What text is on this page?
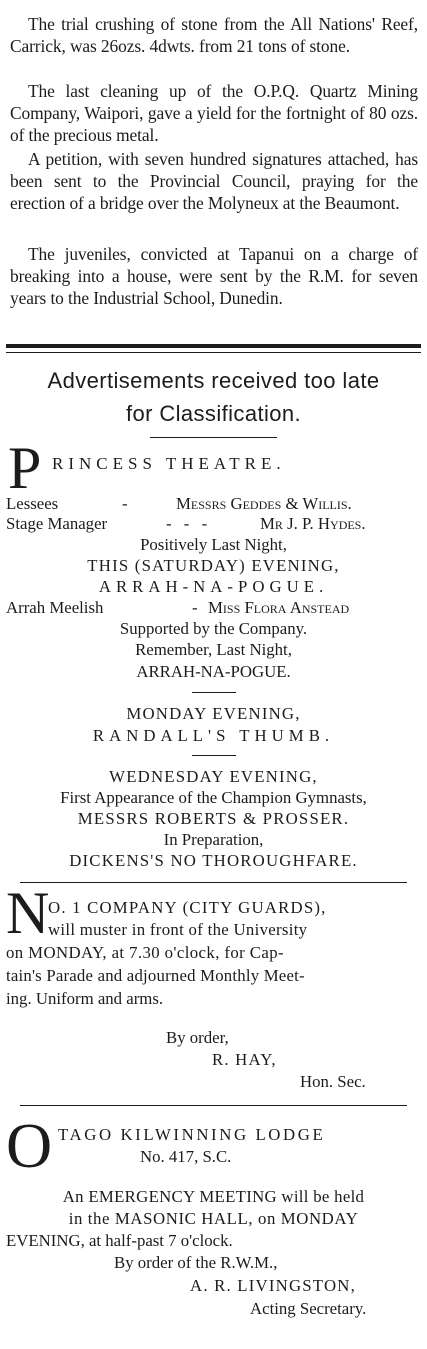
The trial crushing of stone from the All Nations' Reef, Carrick, was 26ozs. 4dwts. from 21 tons of stone.

The last cleaning up of the O.P.Q. Quartz Mining Company, Waipori, gave a yield for the fortnight of 80 ozs. of the precious metal.

A petition, with seven hundred signatures attached, has been sent to the Provincial Council, praying for the erection of a bridge over the Molyneux at the Beaumont.

The juveniles, convicted at Tapanui on a charge of breaking into a house, were sent by the R.M. for seven years to the Industrial School, Dunedin.

Advertisements received too late
for Classification.
P RINCESS THEATRE.
Lessees	-	Messrs Geddes & Willis.
Stage Manager	- - -	Mr J. P. Hydes.
Positively Last Night,
THIS (SATURDAY) EVENING,
ARRAH-NA-POGUE.
Arrah Meelish	- Miss Flora Anstead
Supported by the Company.
Remember, Last Night,
ARRAH-NA-POGUE.
MONDAY EVENING,
RANDALL'S THUMB.
WEDNESDAY EVENING,
First Appearance of the Champion Gymnasts,
MESSRS ROBERTS & PROSSER.
In Preparation,
DICKENS'S NO THOROUGHFARE.
N
O. 1 COMPANY (CITY GUARDS),
will muster in front of the University
on MONDAY, at 7.30 o'clock, for Cap-
tain's Parade and adjourned Monthly Meet-
ing. Uniform and arms.
By order,
R. HAY,
Hon. Sec.
O TAGO KILWINNING LODGE
No. 417, S.C.
An EMERGENCY MEETING will be held
in the MASONIC HALL, on MONDAY
EVENING, at half-past 7 o'clock.
By order of the R.W.M.,
A. R. LIVINGSTON,
Acting Secretary.
